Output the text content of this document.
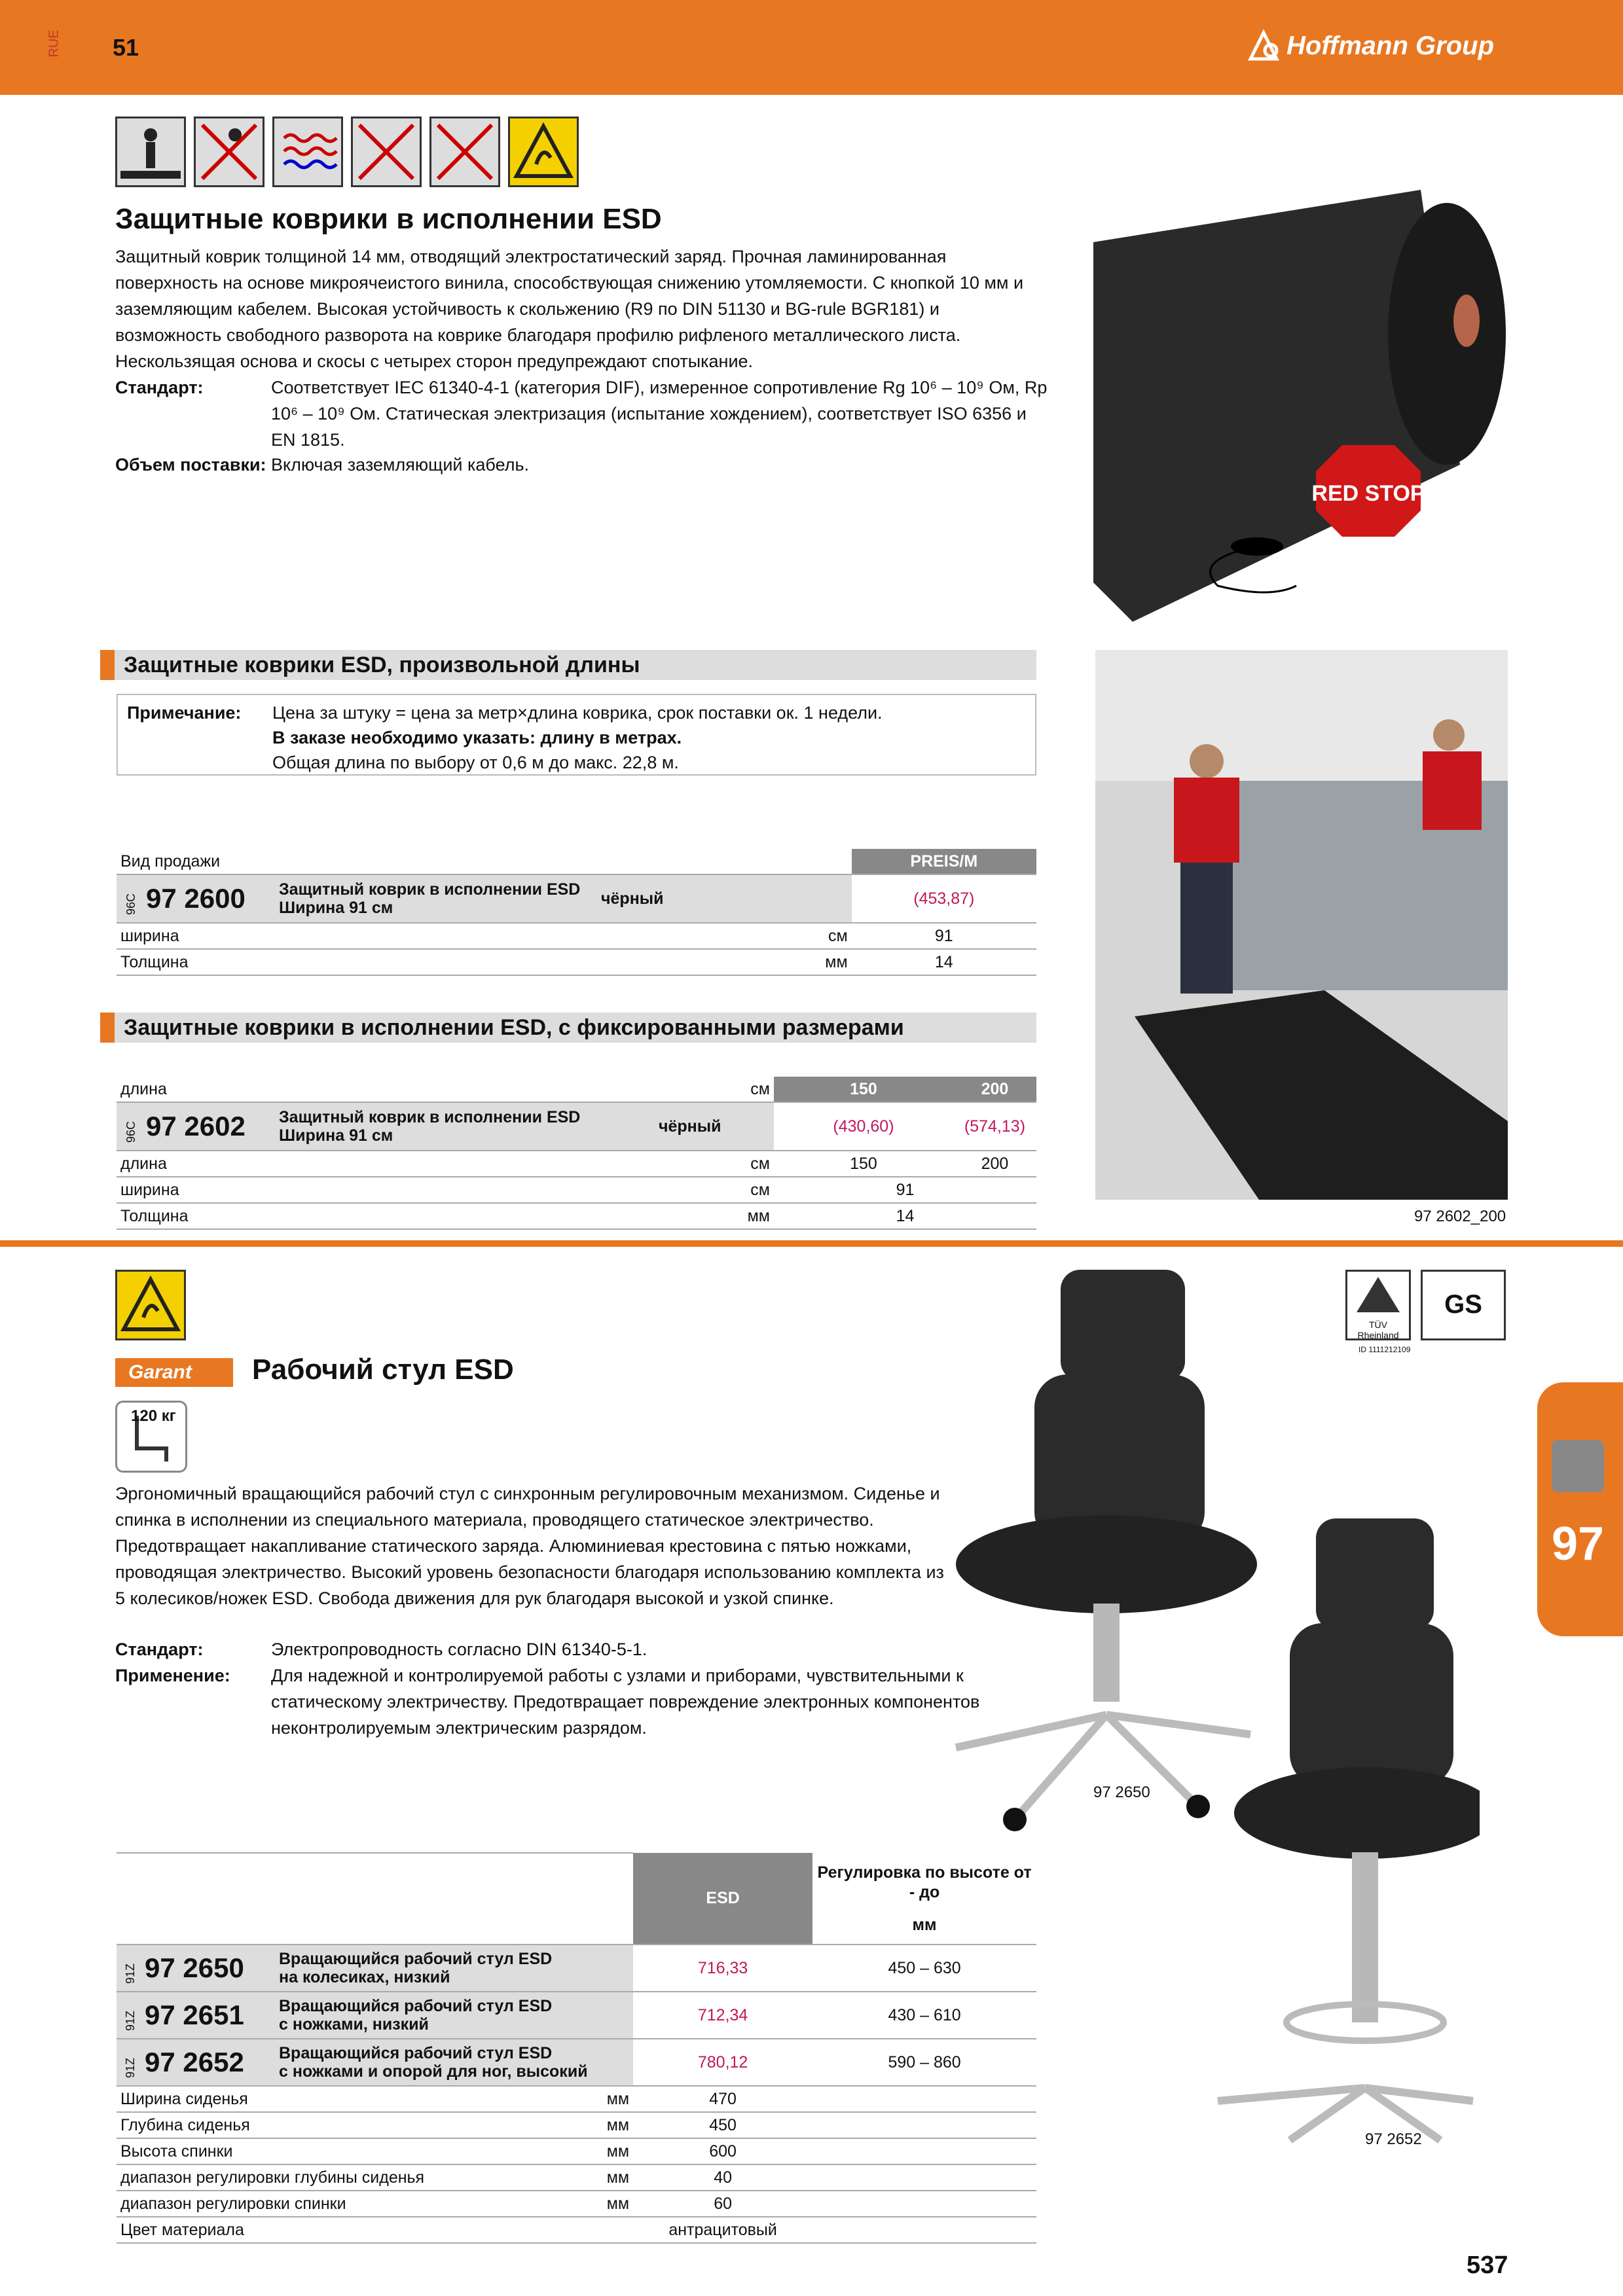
RUE 51	Hoffmann Group
Защитные коврики в исполнении ESD
Защитный коврик толщиной 14 мм, отводящий электростатический заряд. Прочная ламинированная поверхность на основе микроячеистого винила, способствующая снижению утомляемости. С кнопкой 10 мм и заземляющим кабелем. Высокая устойчивость к скольжению (R9 по DIN 51130 и BG-rule BGR181) и возможность свободного разворота на коврике благодаря профилю рифленого металлического листа. Нескользящая основа и скосы с четырех сторон предупреждают спотыкание.
Стандарт:	Соответствует IEC 61340-4-1 (категория DIF), измеренное сопротивление Rg 10⁶ – 10⁹ Ом, Rp 10⁶ – 10⁹ Ом. Статическая электризация (испытание хождением), соответствует ISO 6356 и EN 1815.
Объем поставки: Включая заземляющий кабель.
RED STOP
Защитные коврики ESD, произвольной длины
Примечание: Цена за штуку = цена за метр×длина коврика, срок поставки ок. 1 недели.
В заказе необходимо указать: длину в метрах.
Общая длина по выбору от 0,6 м до макс. 22,8 м.
Вид продажи			PREIS/M
96C 97 2600	Защитный коврик в исполнении ESD
Ширина 91 см	чёрный	(453,87)
ширина		см	91
Толщина		мм	14
Защитные коврики в исполнении ESD, с фиксированными размерами
длина		см	150	200
96C 97 2602	Защитный коврик в исполнении ESD
Ширина 91 см	чёрный	(430,60)	(574,13)
длина		см	150	200
ширина		см	91	
Толщина		мм	14		97 2602_200
Garant	Рабочий стул ESD
120 кг
Эргономичный вращающийся рабочий стул с синхронным регулировочным механизмом. Сиденье и спинка в исполнении из специального материала, проводящего статическое электричество. Предотвращает накапливание статического заряда. Алюминиевая крестовина с пятью ножками, проводящая электричество. Высокий уровень безопасности благодаря использованию комплекта из 5 колесиков/ножек ESD. Свобода движения для рук благодаря высокой и узкой спинке.
Стандарт:	Электропроводность согласно DIN 61340-5-1.
Применение: Для надежной и контролируемой работы с узлами и приборами, чувствительными к статическому электричеству. Предотвращает повреждение электронных компонентов неконтролируемым электрическим разрядом.
TÜV Rheinland
GS
ID 1111212109
97 2650
97 2652
			ESD	Регулировка по высоте от - до
мм

91Z 97 2650	Вращающийся рабочий стул ESD
на колесиках, низкий		716,33	450 – 630
91Z 97 2651	Вращающийся рабочий стул ESD
с ножками, низкий		712,34	430 – 610
91Z 97 2652	Вращающийся рабочий стул ESD
с ножками и опорой для ног, высокий		780,12	590 – 860
Ширина сиденья		мм	470	
Глубина сиденья		мм	450	
Высота спинки		мм	600	
диапазон регулировки глубины сиденья		мм	40	
диапазон регулировки спинки		мм	60	
Цвет материала			антрацитовый	
97
537
